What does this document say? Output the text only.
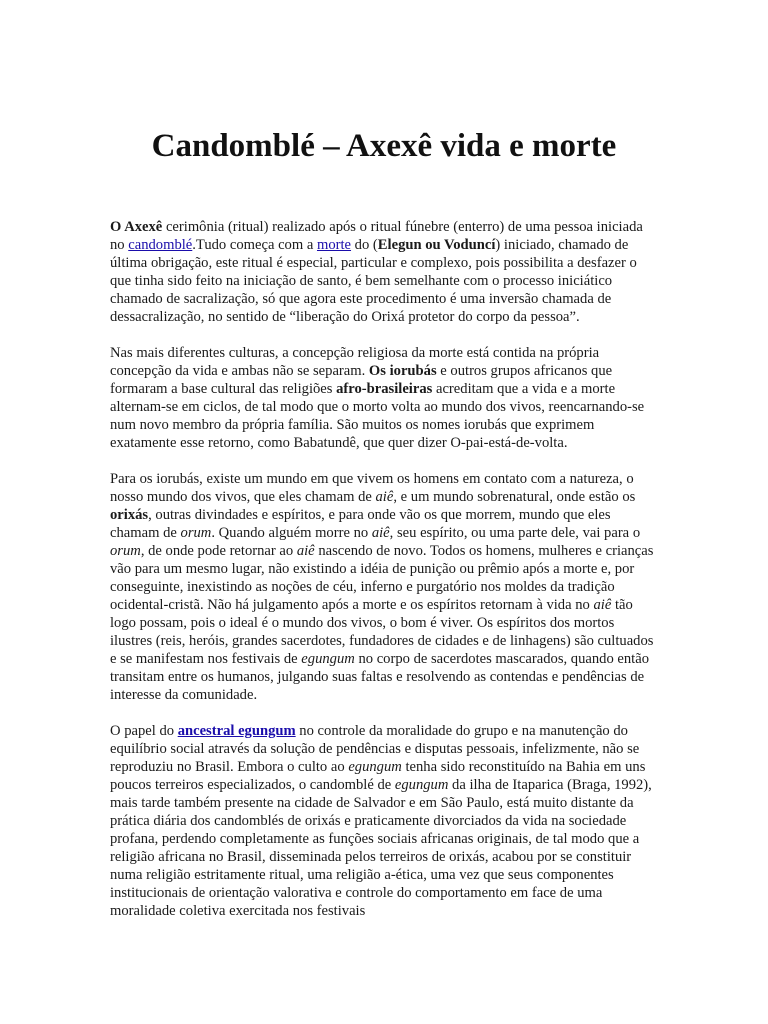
Candomblé – Axexê vida e morte

O Axexê cerimônia (ritual) realizado após o ritual fúnebre (enterro) de uma pessoa iniciada no candomblé.Tudo começa com a morte do (Elegun ou Voduncí) iniciado, chamado de última obrigação, este ritual é especial, particular e complexo, pois possibilita a desfazer o que tinha sido feito na iniciação de santo, é bem semelhante com o processo iniciático chamado de sacralização, só que agora este procedimento é uma inversão chamada de dessacralização, no sentido de “liberação do Orixá protetor do corpo da pessoa”.

Nas mais diferentes culturas, a concepção religiosa da morte está contida na própria concepção da vida e ambas não se separam. Os iorubás e outros grupos africanos que formaram a base cultural das religiões afro-brasileiras acreditam que a vida e a morte alternam-se em ciclos, de tal modo que o morto volta ao mundo dos vivos, reencarnando-se num novo membro da própria família. São muitos os nomes iorubás que exprimem exatamente esse retorno, como Babatundê, que quer dizer O-pai-está-de-volta.

Para os iorubás, existe um mundo em que vivem os homens em contato com a natureza, o nosso mundo dos vivos, que eles chamam de aiê, e um mundo sobrenatural, onde estão os orixás, outras divindades e espíritos, e para onde vão os que morrem, mundo que eles chamam de orum. Quando alguém morre no aiê, seu espírito, ou uma parte dele, vai para o orum, de onde pode retornar ao aiê nascendo de novo. Todos os homens, mulheres e crianças vão para um mesmo lugar, não existindo a idéia de punição ou prêmio após a morte e, por conseguinte, inexistindo as noções de céu, inferno e purgatório nos moldes da tradição ocidental-cristã. Não há julgamento após a morte e os espíritos retornam à vida no aiê tão logo possam, pois o ideal é o mundo dos vivos, o bom é viver. Os espíritos dos mortos ilustres (reis, heróis, grandes sacerdotes, fundadores de cidades e de linhagens) são cultuados e se manifestam nos festivais de egungum no corpo de sacerdotes mascarados, quando então transitam entre os humanos, julgando suas faltas e resolvendo as contendas e pendências de interesse da comunidade.

O papel do ancestral egungum no controle da moralidade do grupo e na manutenção do equilíbrio social através da solução de pendências e disputas pessoais, infelizmente, não se reproduziu no Brasil. Embora o culto ao egungum tenha sido reconstituído na Bahia em uns poucos terreiros especializados, o candomblé de egungum da ilha de Itaparica (Braga, 1992), mais tarde também presente na cidade de Salvador e em São Paulo, está muito distante da prática diária dos candomblés de orixás e praticamente divorciados da vida na sociedade profana, perdendo completamente as funções sociais africanas originais, de tal modo que a religião africana no Brasil, disseminada pelos terreiros de orixás, acabou por se constituir numa religião estritamente ritual, uma religião a-ética, uma vez que seus componentes institucionais de orientação valorativa e controle do comportamento em face de uma moralidade coletiva exercitada nos festivais
